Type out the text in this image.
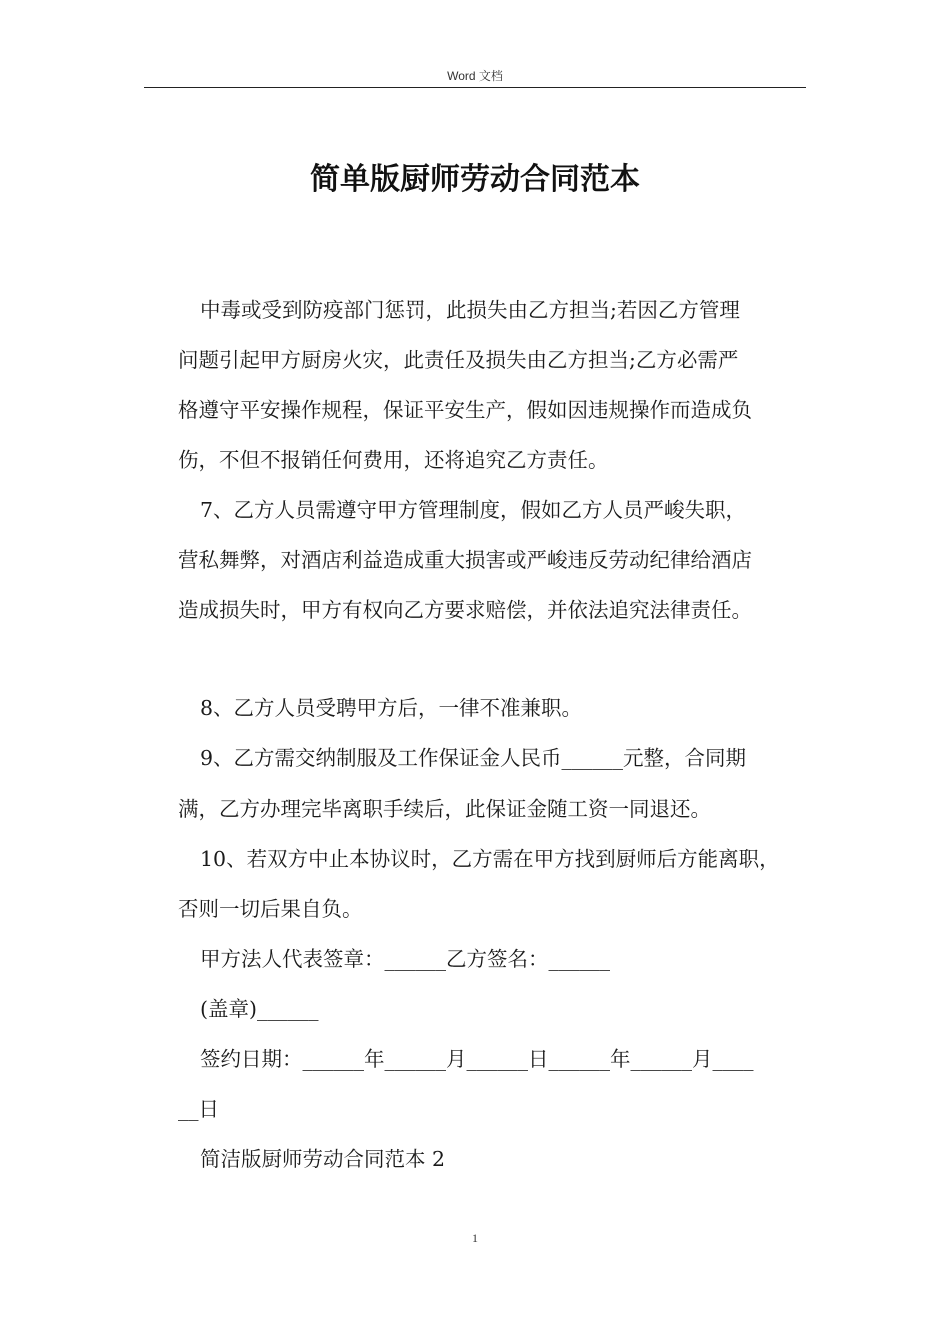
Word 文档
简单版厨师劳动合同范本
中毒或受到防疫部门惩罚，此损失由乙方担当;若因乙方管理
问题引起甲方厨房火灾，此责任及损失由乙方担当;乙方必需严
格遵守平安操作规程，保证平安生产，假如因违规操作而造成负
伤，不但不报销任何费用，还将追究乙方责任。
7、乙方人员需遵守甲方管理制度，假如乙方人员严峻失职，
营私舞弊，对酒店利益造成重大损害或严峻违反劳动纪律给酒店
造成损失时，甲方有权向乙方要求赔偿，并依法追究法律责任。
8、乙方人员受聘甲方后，一律不准兼职。
9、乙方需交纳制服及工作保证金人民币______元整，合同期
满，乙方办理完毕离职手续后，此保证金随工资一同退还。
10、若双方中止本协议时，乙方需在甲方找到厨师后方能离职，
否则一切后果自负。
甲方法人代表签章：______乙方签名：______
(盖章)______
签约日期：______年______月______日______年______月____
__日
简洁版厨师劳动合同范本 2
1
